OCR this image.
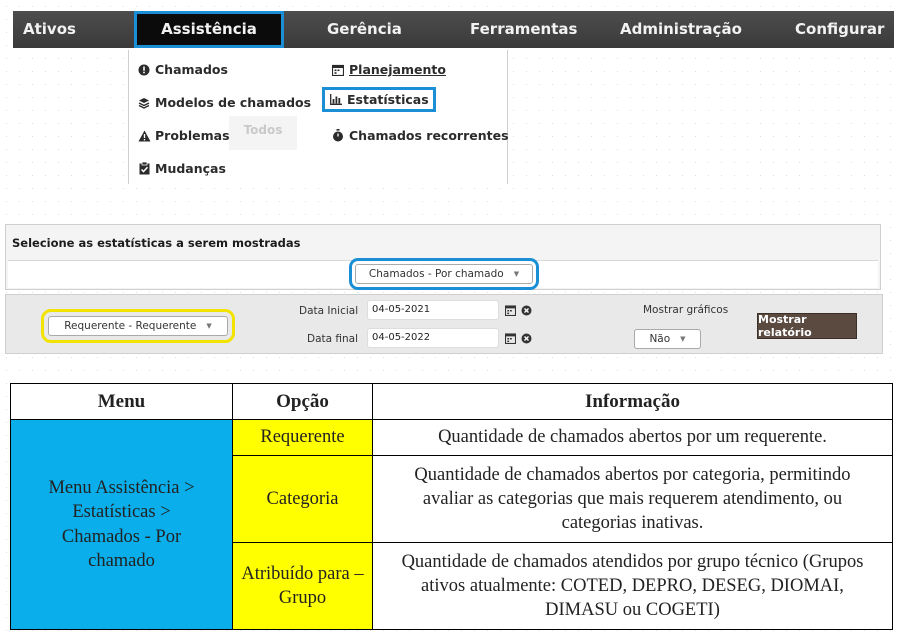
Ativos	Assistência	Gerência	Ferramentas	Administração	Configurar
Todos
Chamados
Modelos de chamados
Problemas
Mudanças
Planejamento
Estatísticas
Chamados recorrentes
Selecione as estatísticas a serem mostradas
Chamados - Por chamado ▼
Requerente - Requerente ▼
Data Inicial	04-05-2021
Data final	04-05-2022
Mostrar gráficos
Não ▼
Mostrar relatório
Menu	Opção	Informação
Menu Assistência > Estatísticas > Chamados - Por chamado	Requerente	Quantidade de chamados abertos por um requerente.
	Categoria	Quantidade de chamados abertos por categoria, permitindo avaliar as categorias que mais requerem atendimento, ou categorias inativas.
	Atribuído para – Grupo	Quantidade de chamados atendidos por grupo técnico (Grupos ativos atualmente: COTED, DEPRO, DESEG, DIOMAI, DIMASU ou COGETI)
